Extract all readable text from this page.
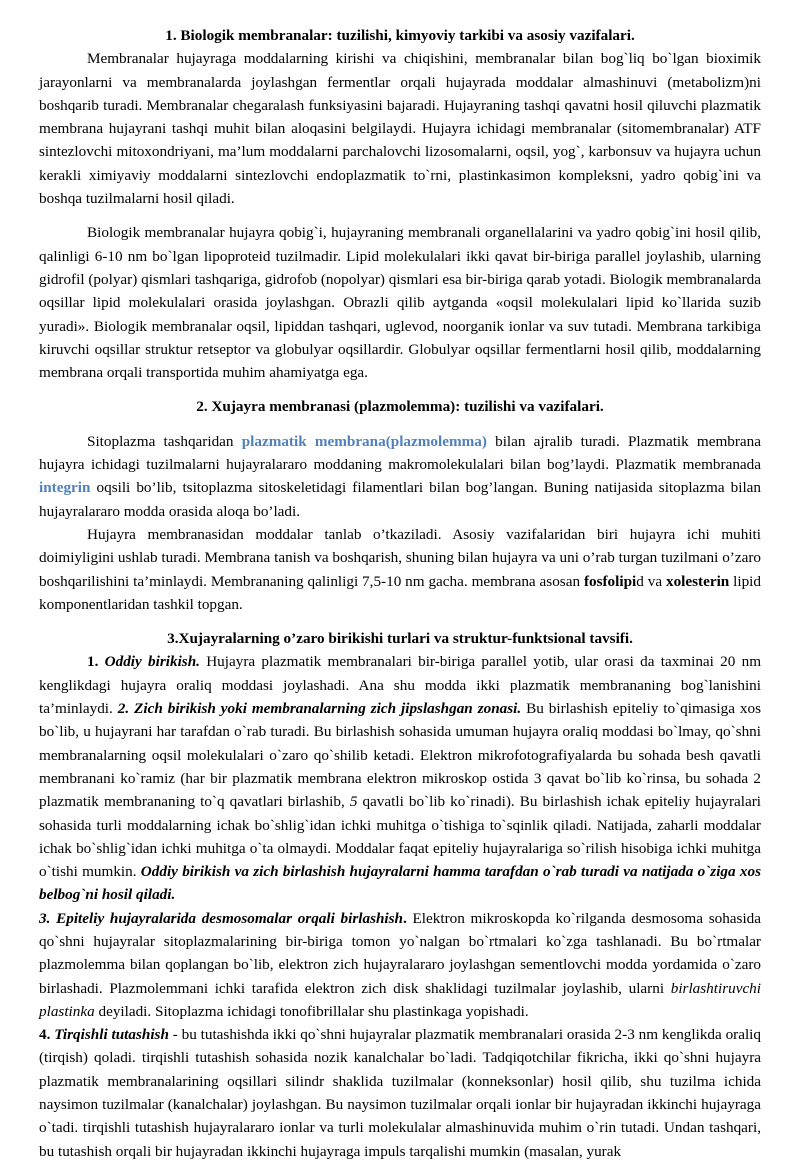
1. Biologik membranalar: tuzilishi, kimyoviy tarkibi va asosiy vazifalari.

Membranalar hujayraga moddalarning kirishi va chiqishini, membranalar bilan bog`liq bo`lgan bioximik jarayonlarni va membranalarda joylashgan fermentlar orqali hujayrada moddalar almashinuvi (metabolizm)ni boshqarib turadi. Membranalar chegaralash funksiyasini bajaradi. Hujayraning tashqi qavatni hosil qiluvchi plazmatik membrana hujayrani tashqi muhit bilan aloqasini belgilaydi. Hujayra ichidagi membranalar (sitomembranalar) ATF sintezlovchi mitoxondriyani, ma’lum moddalarni parchalovchi lizosomalarni, oqsil, yog`, karbonsuv va hujayra uchun kerakli ximiyaviy moddalarni sintezlovchi endoplazmatik to`rni, plastinkasimon kompleksni, yadro qobig`ini va boshqa tuzilmalarni hosil qiladi.

Biologik membranalar hujayra qobig`i, hujayraning membranali organellalarini va yadro qobig`ini hosil qilib, qalinligi 6-10 nm bo`lgan lipoproteid tuzilmadir. Lipid molekulalari ikki qavat bir-biriga parallel joylashib, ularning gidrofil (polyar) qismlari tashqariga, gidrofob (nopolyar) qismlari esa bir-biriga qarab yotadi. Biologik membranalarda oqsillar lipid molekulalari orasida joylashgan. Obrazli qilib aytganda «oqsil molekulalari lipid ko`llarida suzib yuradi». Biologik membranalar oqsil, lipiddan tashqari, uglevod, noorganik ionlar va suv tutadi. Membrana tarkibiga kiruvchi oqsillar struktur retseptor va globulyar oqsillardir. Globulyar oqsillar fermentlarni hosil qilib, moddalarning membrana orqali transportida muhim ahamiyatga ega.

2. Xujayra membranasi (plazmolemma): tuzilishi va vazifalari.

Sitoplazma tashqaridan plazmatik membrana(plazmolemma) bilan ajralib turadi. Plazmatik membrana hujayra ichidagi tuzilmalarni hujayralararo moddaning makromolekulalari bilan bog’laydi. Plazmatik membranada integrin oqsili bo’lib, tsitoplazma sitoskeletidagi filamentlari bilan bog’langan. Buning natijasida sitoplazma bilan hujayralararo modda orasida aloqa bo’ladi.

Hujayra membranasidan moddalar tanlab o’tkaziladi. Asosiy vazifalaridan biri hujayra ichi muhiti doimiyligini ushlab turadi. Membrana tanish va boshqarish, shuning bilan hujayra va uni o’rab turgan tuzilmani o’zaro boshqarilishini ta’minlaydi. Membrananing qalinligi 7,5-10 nm gacha. membrana asosan fosfolipid va xolesterin lipid komponentlaridan tashkil topgan.

3.Xujayralarning o’zaro birikishi turlari va struktur-funktsional tavsifi.

1. Oddiy birikish. Hujayra plazmatik membranalari bir-biriga parallel yotib, ular orasi da taxminai 20 nm kenglikdagi hujayra oraliq moddasi joylashadi. Ana shu modda ikki plazmatik membrananing bog`lanishini ta’minlaydi. 2. Zich birikish yoki membranalarning zich jipslashgan zonasi. Bu birlashish epiteliy to`qimasiga xos bo`lib, u hujayrani har tarafdan o`rab turadi. Bu birlashish sohasida umuman hujayra oraliq moddasi bo`lmay, qo`shni membranalarning oqsil molekulalari o`zaro qo`shilib ketadi. Elektron mikrofotografiyalarda bu sohada besh qavatli membranani ko`ramiz (har bir plazmatik membrana elektron mikroskop ostida 3 qavat bo`lib ko`rinsa, bu sohada 2 plazmatik membrananing to`q qavatlari birlashib, 5 qavatli bo`lib ko`rinadi). Bu birlashish ichak epiteliy hujayralari sohasida turli moddalarning ichak bo`shlig`idan ichki muhitga o`tishiga to`sqinlik qiladi. Natijada, zaharli moddalar ichak bo`shlig`idan ichki muhitga o`ta olmaydi. Moddalar faqat epiteliy hujayralariga so`rilish hisobiga ichki muhitga o`tishi mumkin. Oddiy birikish va zich birlashish hujayralarni hamma tarafdan o`rab turadi va natijada o`ziga xos belbog`ni hosil qiladi.

3. Epiteliy hujayralarida desmosomalar orqali birlashish. Elektron mikroskopda ko`rilganda desmosoma sohasida qo`shni hujayralar sitoplazmalarining bir-biriga tomon yo`nalgan bo`rtmalari ko`zga tashlanadi. Bu bo`rtmalar plazmolemma bilan qoplangan bo`lib, elektron zich hujayralararo joylashgan sementlovchi modda yordamida o`zaro birlashadi. Plazmolemmani ichki tarafida elektron zich disk shaklidagi tuzilmalar joylashib, ularni birlashtiruvchi plastinka deyiladi. Sitoplazma ichidagi tonofibrillalar shu plastinkaga yopishadi.

4. Tirqishli tutashish - bu tutashishda ikki qo`shni hujayralar plazmatik membranalari orasida 2-3 nm kenglikda oraliq (tirqish) qoladi. tirqishli tutashish sohasida nozik kanalchalar bo`ladi. Tadqiqotchilar fikricha, ikki qo`shni hujayra plazmatik membranalarining oqsillari silindr shaklida tuzilmalar (konneksonlar) hosil qilib, shu tuzilma ichida naysimon tuzilmalar (kanalchalar) joylashgan. Bu naysimon tuzilmalar orqali ionlar bir hujayradan ikkinchi hujayraga o`tadi. tirqishli tutashish hujayralararo ionlar va turli molekulalar almashinuvida muhim o`rin tutadi. Undan tashqari, bu tutashish orqali bir hujayradan ikkinchi hujayraga impuls tarqalishi mumkin (masalan, yurak
